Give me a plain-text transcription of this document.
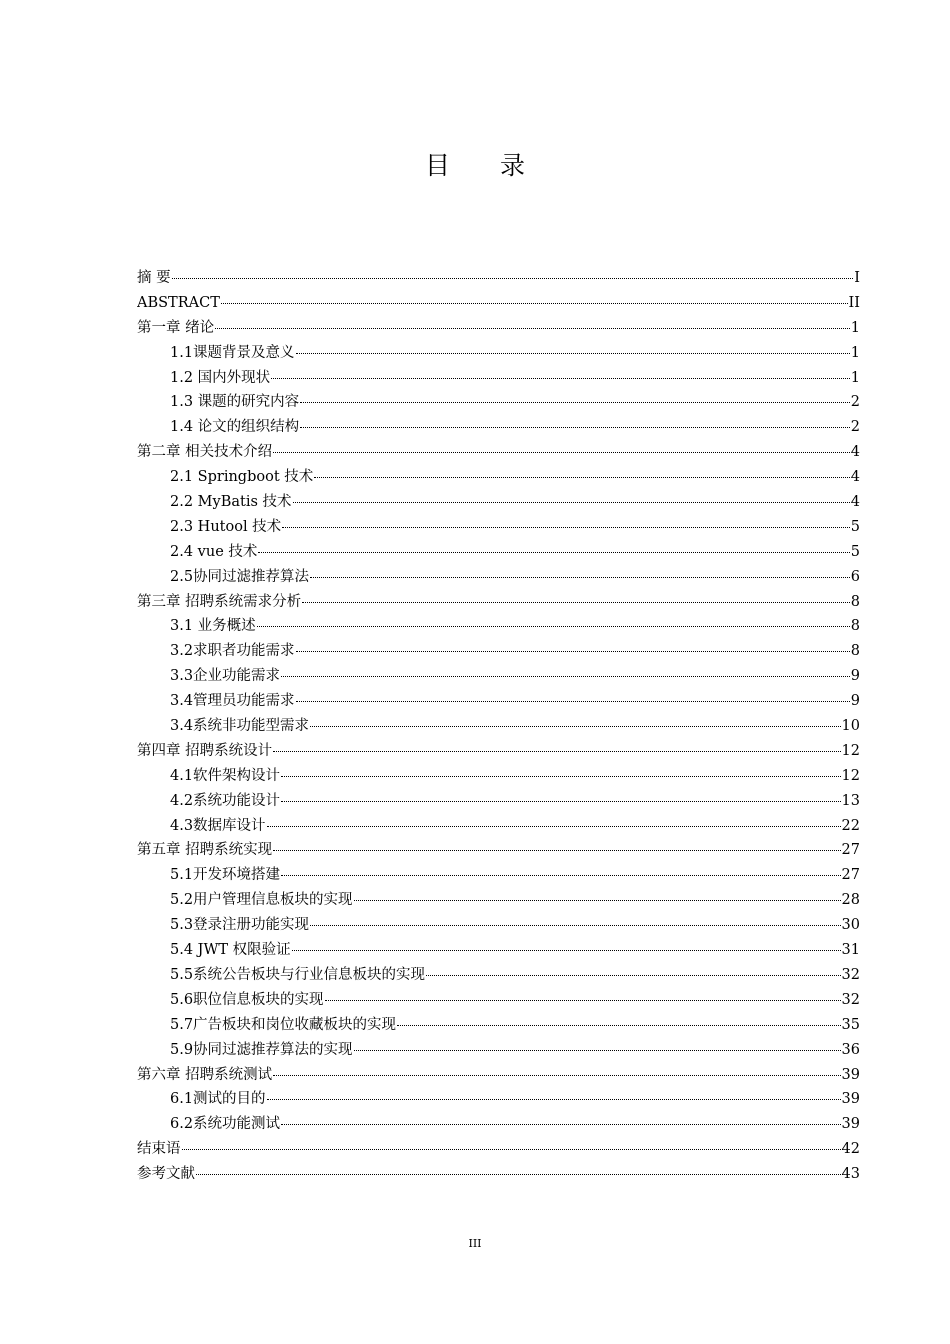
目　　录
摘 要	I
ABSTRACT	II
第一章 绪论	1
1.1课题背景及意义	1
1.2 国内外现状	1
1.3 课题的研究内容	2
1.4 论文的组织结构	2
第二章 相关技术介绍	4
2.1 Springboot 技术	4
2.2 MyBatis 技术	4
2.3 Hutool 技术	5
2.4 vue 技术	5
2.5协同过滤推荐算法	6
第三章 招聘系统需求分析	8
3.1 业务概述	8
3.2求职者功能需求	8
3.3企业功能需求	9
3.4管理员功能需求	9
3.4系统非功能型需求	10
第四章 招聘系统设计	12
4.1软件架构设计	12
4.2系统功能设计	13
4.3数据库设计	22
第五章 招聘系统实现	27
5.1开发环境搭建	27
5.2用户管理信息板块的实现	28
5.3登录注册功能实现	30
5.4 JWT 权限验证	31
5.5系统公告板块与行业信息板块的实现	32
5.6职位信息板块的实现	32
5.7广告板块和岗位收藏板块的实现	35
5.9协同过滤推荐算法的实现	36
第六章 招聘系统测试	39
6.1测试的目的	39
6.2系统功能测试	39
结束语	42
参考文献	43
III
